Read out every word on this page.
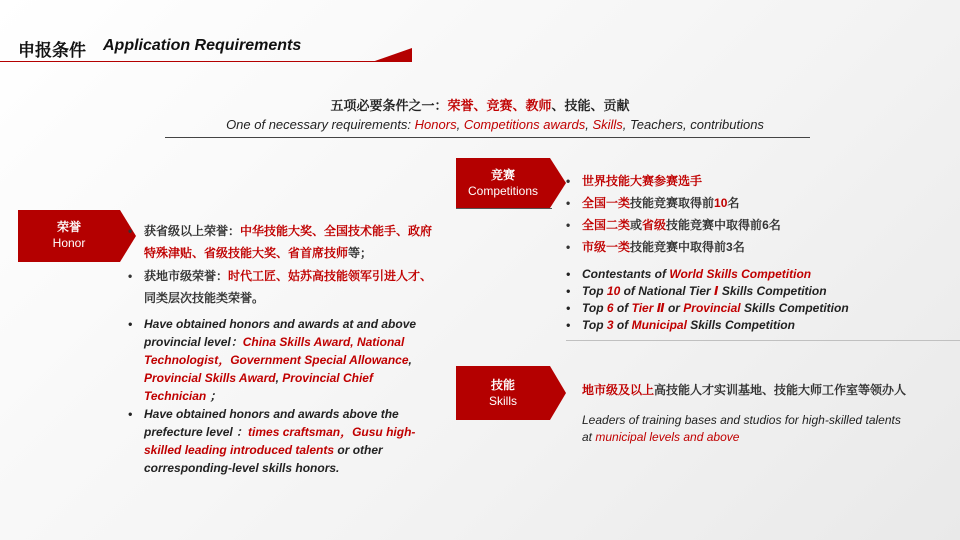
申报条件 Application Requirements
五项必要条件之一：荣誉、竞赛、教师、技能、贡献
One of necessary requirements: Honors, Competitions awards, Skills, Teachers, contributions
荣誉
Honor
• 获省级以上荣誉：中华技能大奖、全国技术能手、政府特殊津贴、省级技能大奖、省首席技师等；
• 获地市级荣誉：时代工匠、姑苏高技能领军引进人才、
同类层次技能类荣誉。
• Have obtained honors and awards at and above provincial level：China Skills Award, National Technologist，Government Special Allowance,
Provincial Skills Award, Provincial Chief Technician ；
• Have obtained honors and awards above the prefecture level ：times craftsman，Gusu high-skilled leading introduced talents or other corresponding-level skills honors.
竞赛
Competitions
• 世界技能大赛参赛选手
• 全国一类技能竞赛取得前10名
• 全国二类或省级技能竞赛中取得前6名
• 市级一类技能竞赛中取得前3名
• Contestants of World Skills Competition
• Top 10 of National Tier Ⅰ Skills Competition
• Top 6 of Tier Ⅱ or Provincial Skills Competition
• Top 3 of Municipal Skills Competition
技能
Skills
地市级及以上高技能人才实训基地、技能大师工作室等领办人
Leaders of training bases and studios for high-skilled talents at municipal levels and above
